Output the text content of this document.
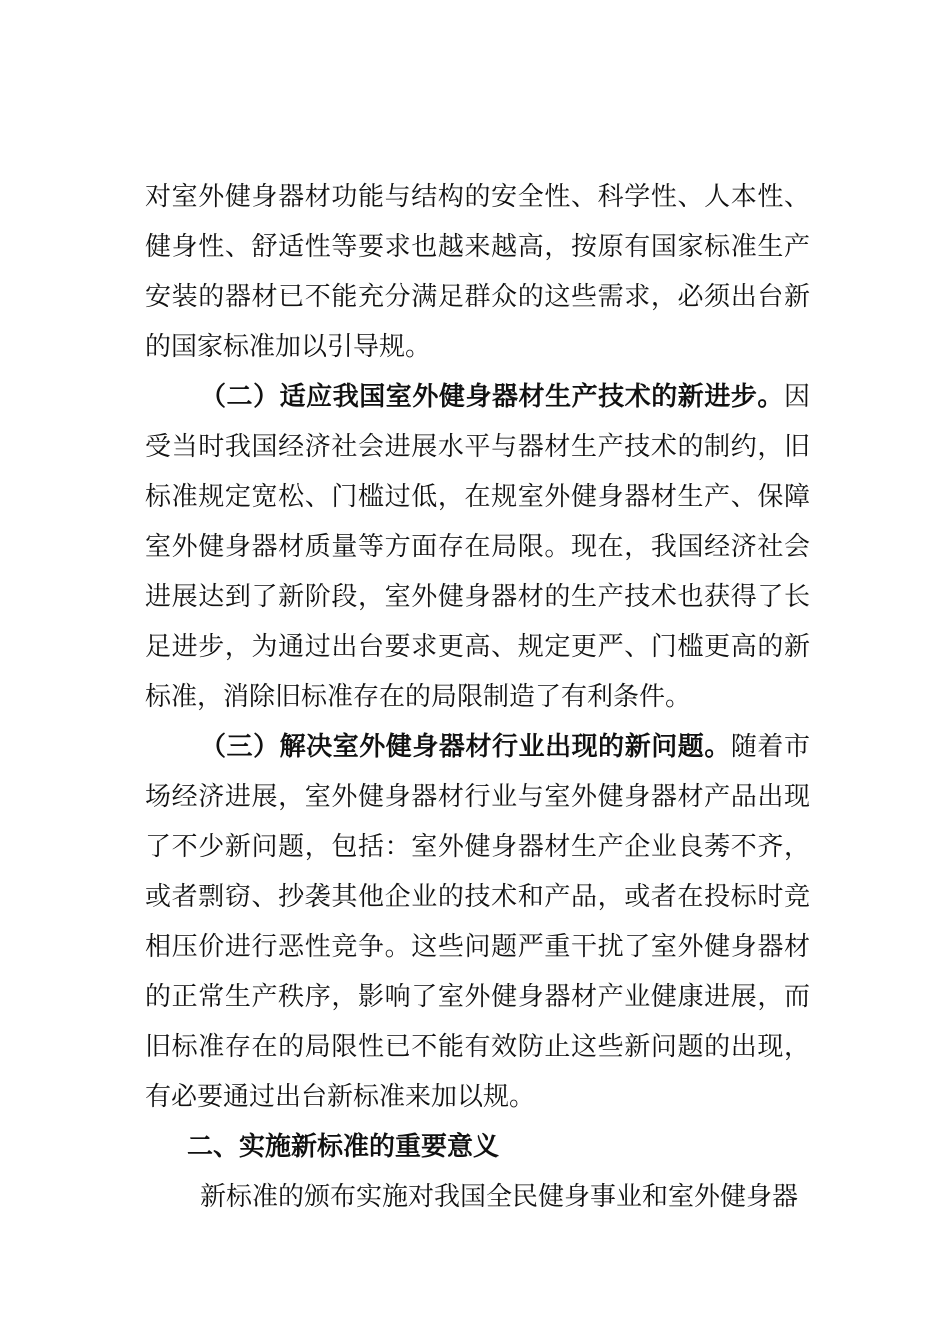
对室外健身器材功能与结构的安全性、科学性、人本性、
健身性、舒适性等要求也越来越高，按原有国家标准生产
安装的器材已不能充分满足群众的这些需求，必须出台新
的国家标准加以引导规。
（二）适应我国室外健身器材生产技术的新进步。因
受当时我国经济社会进展水平与器材生产技术的制约，旧
标准规定宽松、门槛过低，在规室外健身器材生产、保障
室外健身器材质量等方面存在局限。现在，我国经济社会
进展达到了新阶段，室外健身器材的生产技术也获得了长
足进步，为通过出台要求更高、规定更严、门槛更高的新
标准，消除旧标准存在的局限制造了有利条件。
（三）解决室外健身器材行业出现的新问题。随着市
场经济进展，室外健身器材行业与室外健身器材产品出现
了不少新问题，包括：室外健身器材生产企业良莠不齐，
或者剽窃、抄袭其他企业的技术和产品，或者在投标时竞
相压价进行恶性竞争。这些问题严重干扰了室外健身器材
的正常生产秩序，影响了室外健身器材产业健康进展，而
旧标准存在的局限性已不能有效防止这些新问题的出现，
有必要通过出台新标准来加以规。
二、实施新标准的重要意义
新标准的颁布实施对我国全民健身事业和室外健身器
